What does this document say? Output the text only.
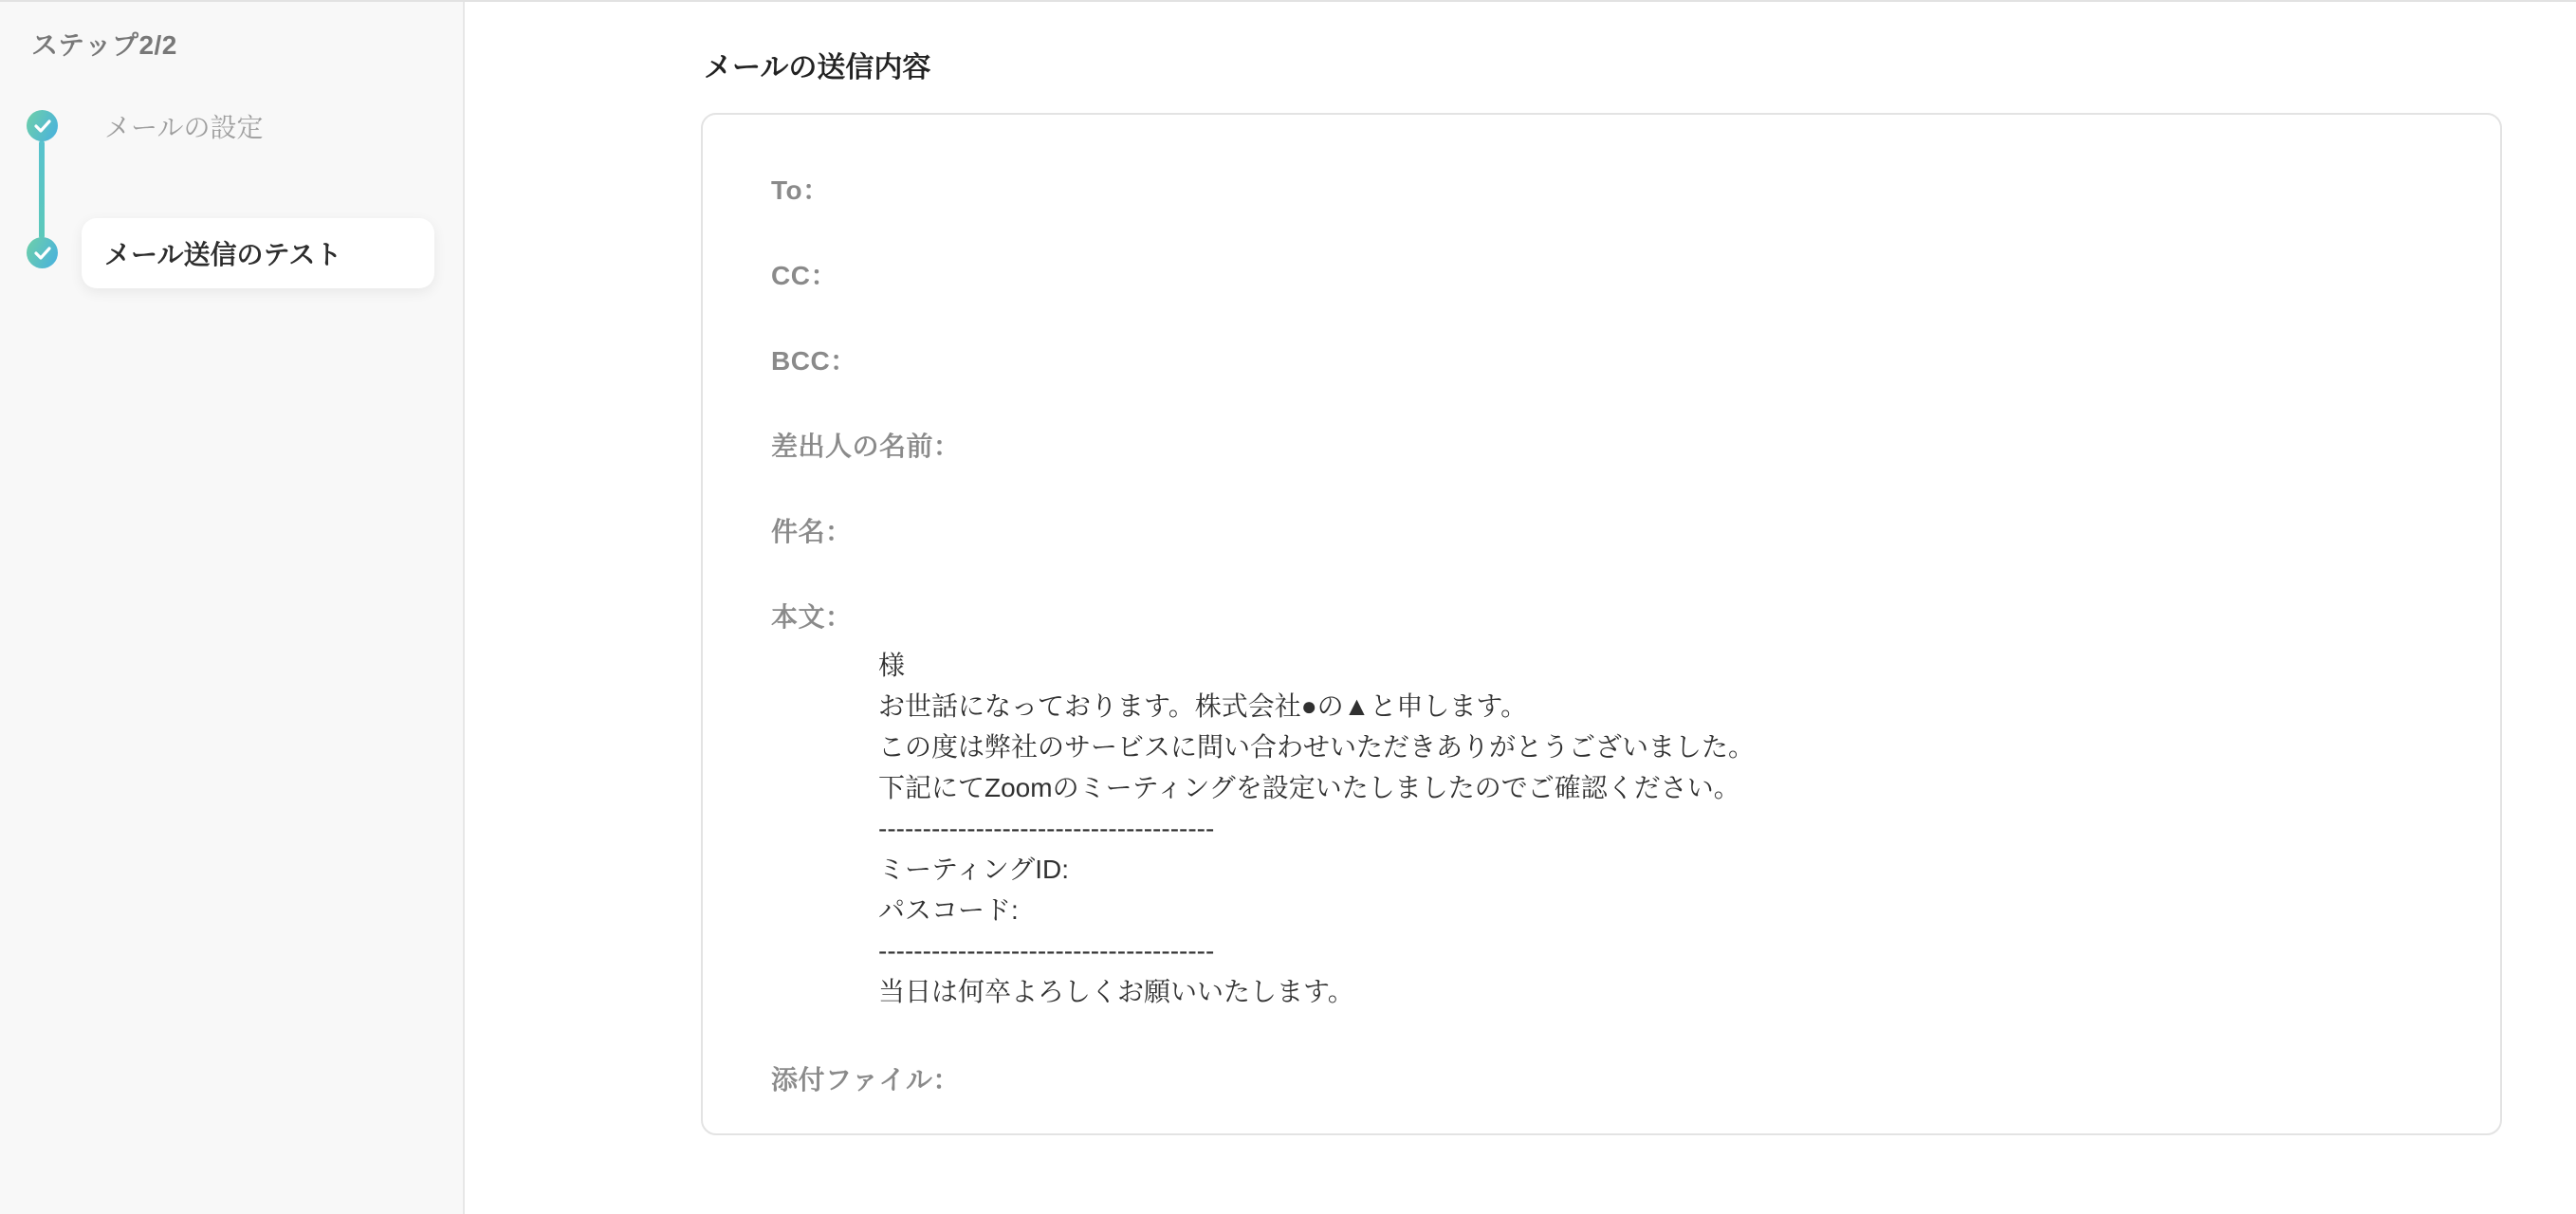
ステップ2/2
メールの設定
メール送信のテスト
メールの送信内容
To：
CC：
BCC：
差出人の名前：
件名：
本文：
様
お世話になっております。株式会社●の▲と申します。
この度は弊社のサービスに問い合わせいただきありがとうございました。
下記にてZoomのミーティングを設定いたしましたのでご確認ください。
--------------------------------------
ミーティングID:
パスコード:
--------------------------------------
当日は何卒よろしくお願いいたします。
添付ファイル：
